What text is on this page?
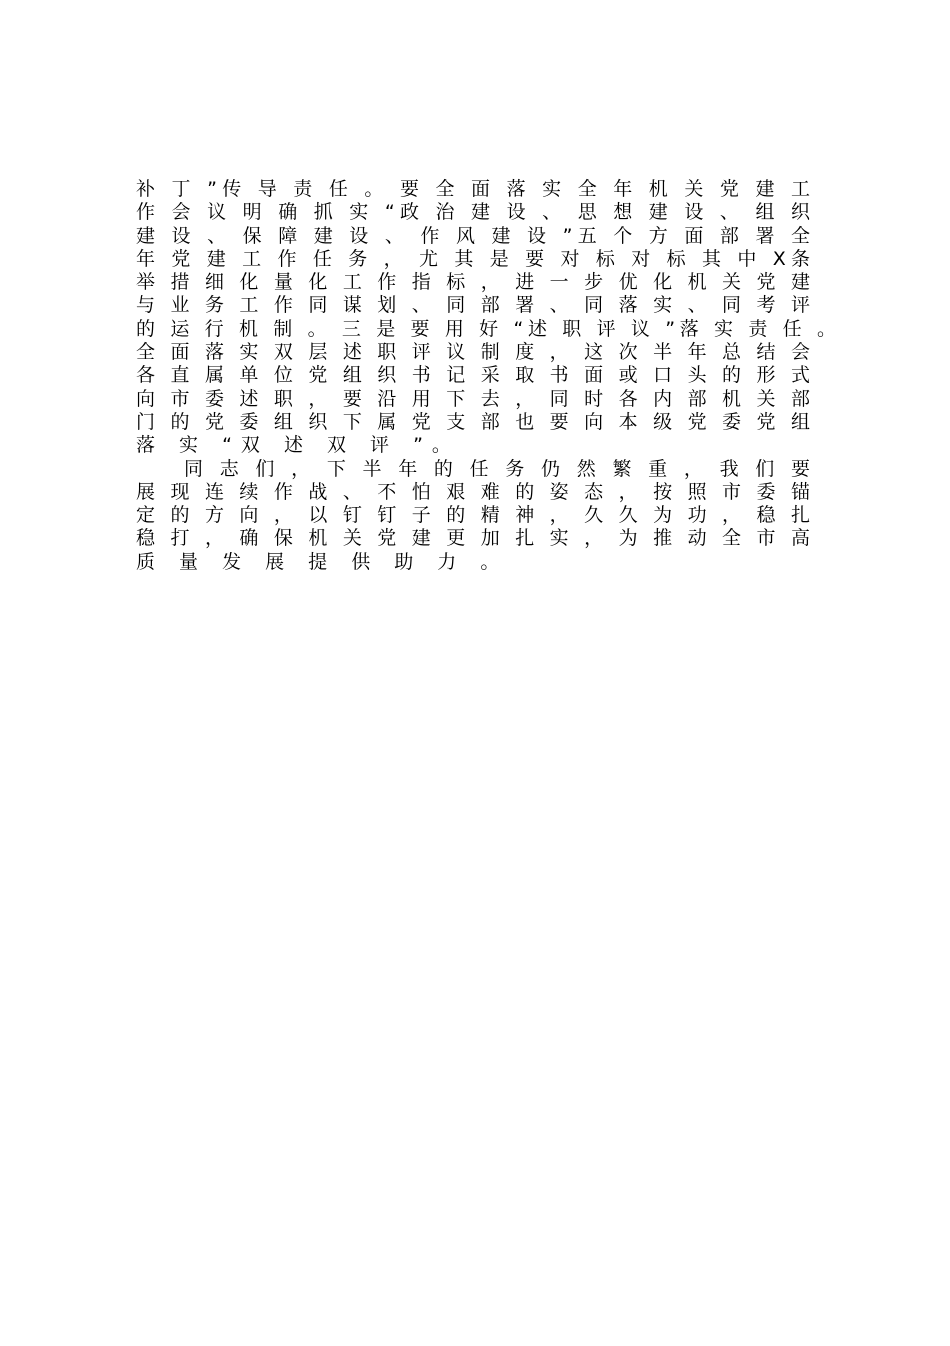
补 丁 ”传 导 责 任 。 要 全 面 落 实 全 年 机 关 党 建 工
作 会 议 明 确 抓 实 “政 治 建 设 、 思 想 建 设 、 组 织
建 设 、 保 障 建 设 、 作 风 建 设 ”五 个 方 面 部 署 全
年 党 建 工 作 任 务 ， 尤 其 是 要 对 标 对 标 其 中 X条
举 措 细 化 量 化 工 作 指 标 ， 进 一 步 优 化 机 关 党 建
与 业 务 工 作 同 谋 划 、 同 部 署 、 同 落 实 、 同 考 评
的 运 行 机 制 。 三 是 要 用 好 “述 职 评 议 ”落 实 责 任 。
全 面 落 实 双 层 述 职 评 议 制 度 ， 这 次 半 年 总 结 会
各 直 属 单 位 党 组 织 书 记 采 取 书 面 或 口 头 的 形 式
向 市 委 述 职 ， 要 沿 用 下 去 ， 同 时 各 内 部 机 关 部
门 的 党 委 组 织 下 属 党 支 部 也 要 向 本 级 党 委 党 组
落 实 “双 述 双 评 ”。
同 志 们 ， 下 半 年 的 任 务 仍 然 繁 重 ， 我 们 要
展 现 连 续 作 战 、 不 怕 艰 难 的 姿 态 ， 按 照 市 委 锚
定 的 方 向 ， 以 钉 钉 子 的 精 神 ， 久 久 为 功 ， 稳 扎
稳 打 ， 确 保 机 关 党 建 更 加 扎 实 ， 为 推 动 全 市 高
质 量 发 展 提 供 助 力 。
